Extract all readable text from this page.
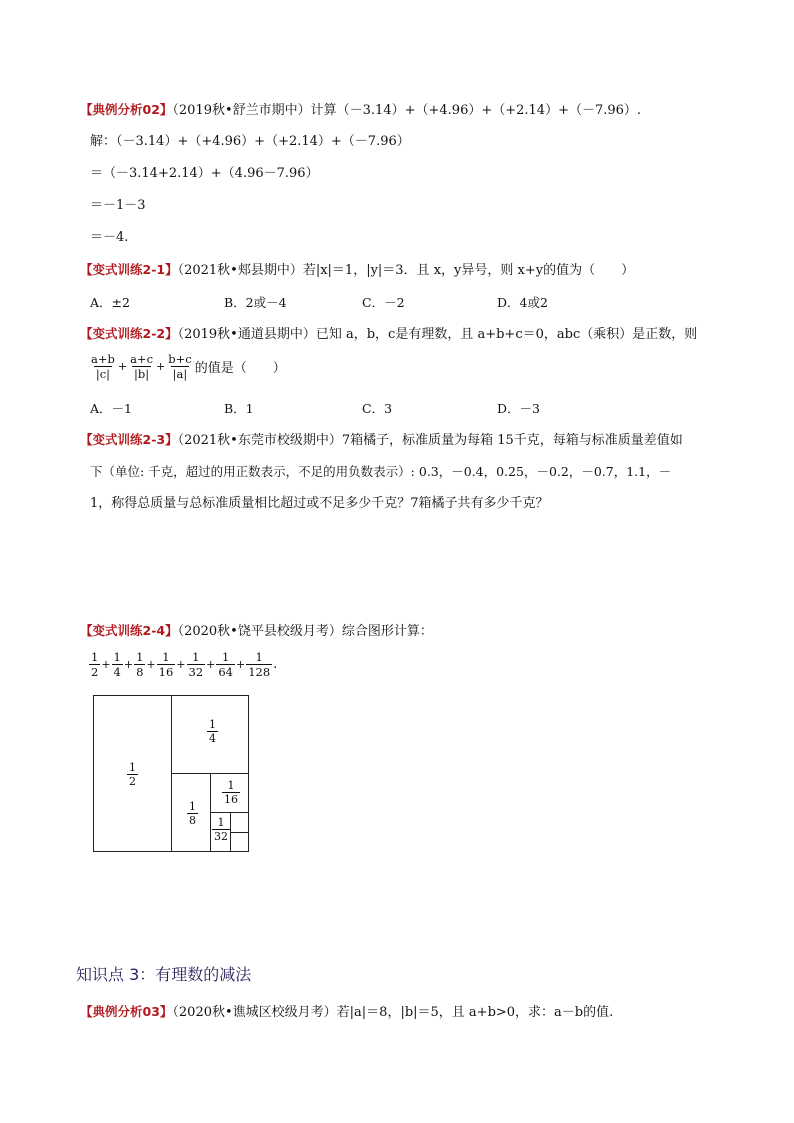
【典例分析02】（2019秋•舒兰市期中）计算（－3.14）+（+4.96）+（+2.14）+（－7.96）.
解：（－3.14）+（+4.96）+（+2.14）+（－7.96）
＝（－3.14+2.14）+（4.96－7.96）
＝－1－3
＝－4.
【变式训练2-1】（2021秋•郏县期中）若|x|＝1，|y|＝3．且 x，y异号，则 x+y的值为（　　）
A．±2	B．2或－4	C．－2	D．4或2
【变式训练2-2】（2019秋•通道县期中）已知 a，b，c是有理数，且 a+b+c＝0，abc（乘积）是正数，则
$\frac{a+b}{|c|} + \frac{a+c}{|b|} + \frac{b+c}{|a|}$ 的值是（　　）
A．－1	B．1	C．3	D．－3
【变式训练2-3】（2021秋•东莞市校级期中）7箱橘子，标准质量为每箱 15千克，每箱与标准质量差值如
下（单位: 千克，超过的用正数表示，不足的用负数表示）: 0.3，－0.4，0.25，－0.2，－0.7，1.1，－
1，称得总质量与总标准质量相比超过或不足多少千克？7箱橘子共有多少千克？
【变式训练2-4】（2020秋•饶平县校级月考）综合图形计算：
$\frac{1}{2} + \frac{1}{4} + \frac{1}{8} + \frac{1}{16} + \frac{1}{32} + \frac{1}{64} + \frac{1}{128}$ .
1
2
1
4
1
8
1
16
1
32
知识点 3：有理数的减法
【典例分析03】（2020秋•谯城区校级月考）若|a|＝8，|b|＝5，且 a+b>0，求：a－b的值.
